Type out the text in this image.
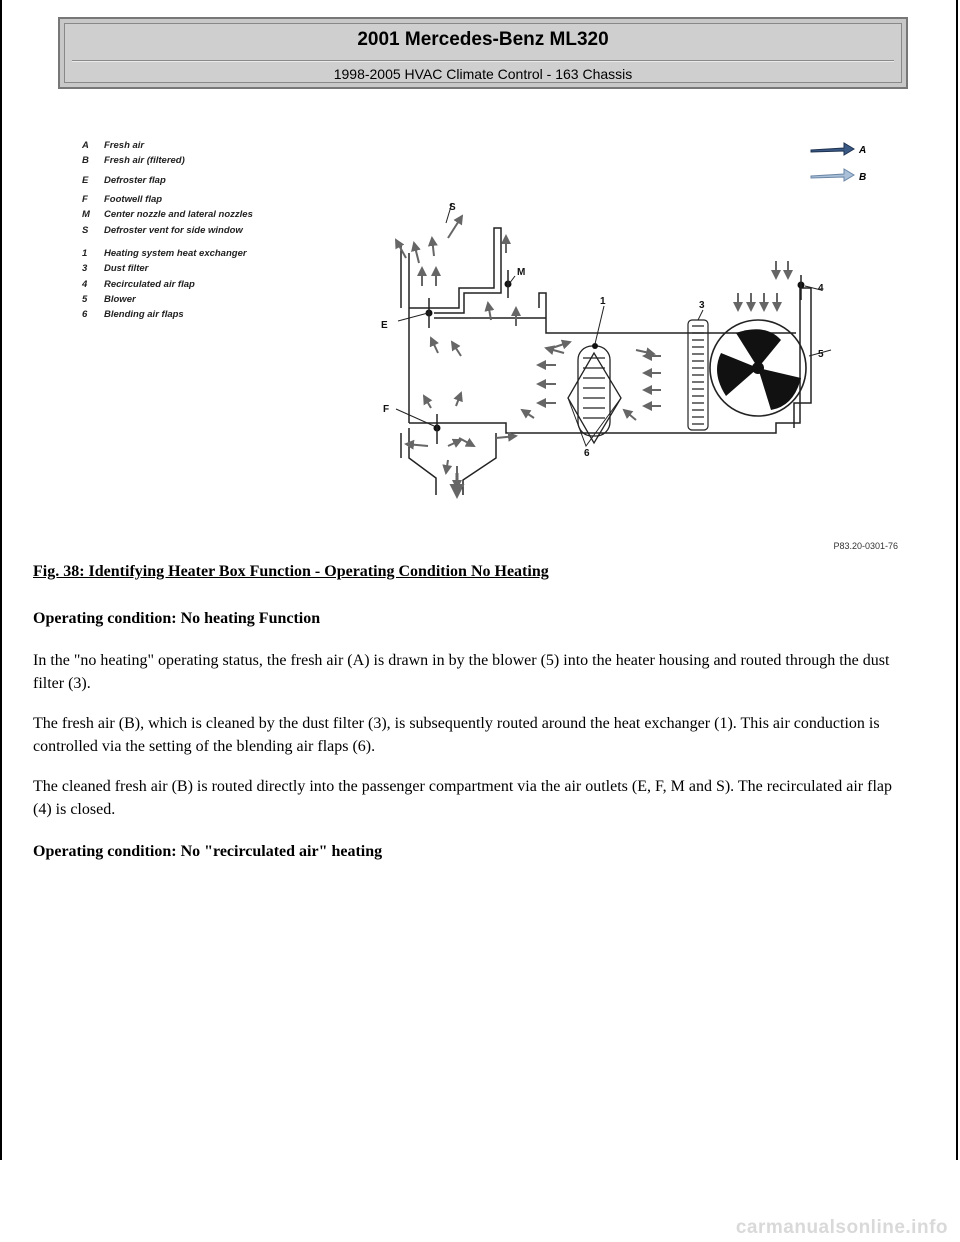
2001 Mercedes-Benz ML320
1998-2005 HVAC Climate Control - 163 Chassis
A	Fresh air
B	Fresh air (filtered)
E	Defroster flap
F	Footwell flap
M	Center nozzle and lateral nozzles
S	Defroster vent for side window
1	Heating system heat exchanger
3	Dust filter
4	Recirculated air flap
5	Blower
6	Blending air flaps
A
B
S
M
E
F
1	3
4
5
6
P83.20-0301-76
Fig. 38: Identifying Heater Box Function - Operating Condition No Heating
Operating condition: No heating Function
In the "no heating" operating status, the fresh air (A) is drawn in by the blower (5) into the heater housing and routed through the dust filter (3).
The fresh air (B), which is cleaned by the dust filter (3), is subsequently routed around the heat exchanger (1). This air conduction is controlled via the setting of the blending air flaps (6).
The cleaned fresh air (B) is routed directly into the passenger compartment via the air outlets (E, F, M and S). The recirculated air flap (4) is closed.
Operating condition: No "recirculated air" heating
carmanualsonline.info
